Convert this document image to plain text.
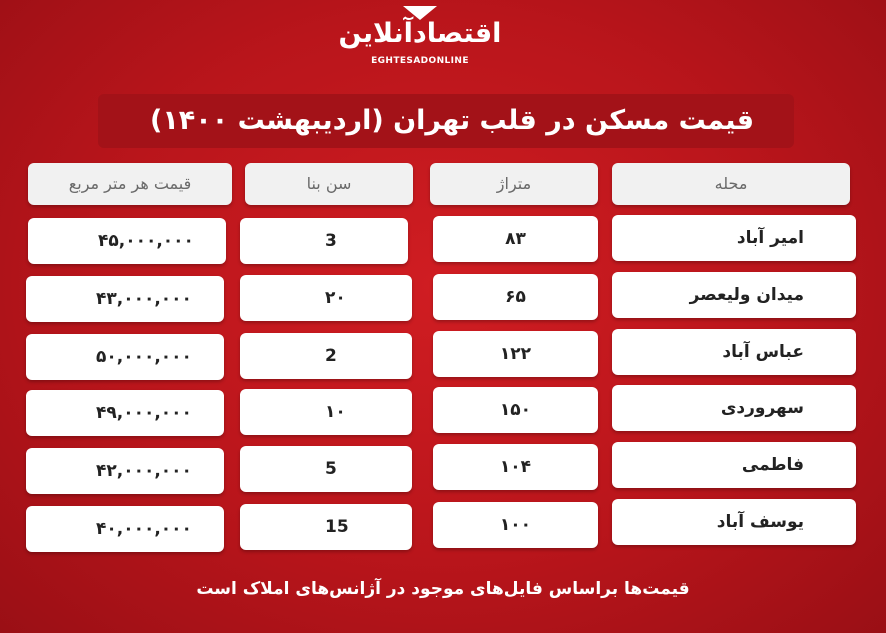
اقتصادآنلاین
EGHTESADONLINE
قیمت مسکن در قلب تهران (اردیبهشت ۱۴۰۰)
قیمت هر متر مربع	سن بنا	متراژ	محله
۴۵,۰۰۰,۰۰۰	3	۸۳	امیر آباد
۴۳,۰۰۰,۰۰۰	۲۰	۶۵	میدان ولیعصر
۵۰,۰۰۰,۰۰۰	2	۱۲۲	عباس آباد
۴۹,۰۰۰,۰۰۰	۱۰	۱۵۰	سهروردی
۴۲,۰۰۰,۰۰۰	5	۱۰۴	فاطمی
۴۰,۰۰۰,۰۰۰	15	۱۰۰	یوسف آباد
قیمت‌ها براساس فایل‌های موجود در آژانس‌های املاک است
